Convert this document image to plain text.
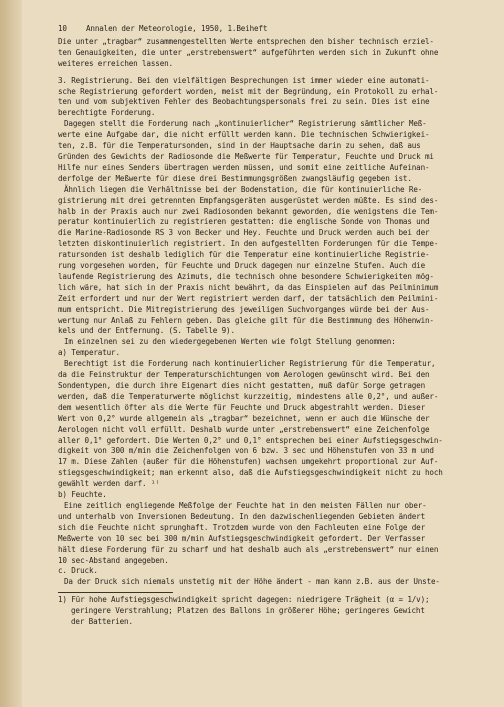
10	Annalen der Meteorologie, 1950, 1.Beiheft
Die unter „tragbar“ zusammengestellten Werte entsprechen den bisher technisch erziel-
ten Genauigkeiten, die unter „erstrebenswert“ aufgeführten werden sich in Zukunft ohne
weiteres erreichen lassen.
3. Registrierung. Bei den vielfältigen Besprechungen ist immer wieder eine automati-
sche Registrierung gefordert worden, meist mit der Begründung, ein Protokoll zu erhal-
ten und vom subjektiven Fehler des Beobachtungspersonals frei zu sein. Dies ist eine
berechtigte Forderung.
Dagegen stellt die Forderung nach „kontinuierlicher“ Registrierung sämtlicher Meß-
werte eine Aufgabe dar, die nicht erfüllt werden kann. Die technischen Schwierigkei-
ten, z.B. für die Temperatursonden, sind in der Hauptsache darin zu sehen, daß aus
Gründen des Gewichts der Radiosonde die Meßwerte für Temperatur, Feuchte und Druck mi
Hilfe nur eines Senders übertragen werden müssen, und somit eine zeitliche Aufeinan-
derfolge der Meßwerte für diese drei Bestimmungsgrößen zwangsläufig gegeben ist.
Ähnlich liegen die Verhältnisse bei der Bodenstation, die für kontinuierliche Re-
gistrierung mit drei getrennten Empfangsgeräten ausgerüstet werden müßte. Es sind des-
halb in der Praxis auch nur zwei Radiosonden bekannt geworden, die wenigstens die Tem-
peratur kontinuierlich zu registrieren gestatten: die englische Sonde von Thomas und
die Marine-Radiosonde RS 3 von Becker und Hey. Feuchte und Druck werden auch bei der
letzten diskontinuierlich registriert. In den aufgestellten Forderungen für die Tempe-
ratursonden ist deshalb lediglich für die Temperatur eine kontinuierliche Registrie-
rung vorgesehen worden, für Feuchte und Druck dagegen nur einzelne Stufen. Auch die
laufende Registrierung des Azimuts, die technisch ohne besondere Schwierigkeiten mög-
lich wäre, hat sich in der Praxis nicht bewährt, da das Einspielen auf das Peilminimum
Zeit erfordert und nur der Wert registriert werden darf, der tatsächlich dem Peilmini-
mum entspricht. Die Mitregistrierung des jeweiligen Suchvorganges würde bei der Aus-
wertung nur Anlaß zu Fehlern geben. Das gleiche gilt für die Bestimmung des Höhenwin-
kels und der Entfernung. (S. Tabelle 9).
Im einzelnen sei zu den wiedergegebenen Werten wie folgt Stellung genommen:
a) Temperatur.
Berechtigt ist die Forderung nach kontinuierlicher Registrierung für die Temperatur,
da die Feinstruktur der Temperaturschichtungen vom Aerologen gewünscht wird. Bei den
Sondentypen, die durch ihre Eigenart dies nicht gestatten, muß dafür Sorge getragen
werden, daß die Temperaturwerte möglichst kurzzeitig, mindestens alle 0,2°, und außer-
dem wesentlich öfter als die Werte für Feuchte und Druck abgestrahlt werden. Dieser
Wert von 0,2° wurde allgemein als „tragbar“ bezeichnet, wenn er auch die Wünsche der
Aerologen nicht voll erfüllt. Deshalb wurde unter „erstrebenswert“ eine Zeichenfolge
aller 0,1° gefordert. Die Werten 0,2° und 0,1° entsprechen bei einer Aufstiegsgeschwin-
digkeit von 300 m/min die Zeichenfolgen von 6 bzw. 3 sec und Höhenstufen von 33 m und
17 m. Diese Zahlen (außer für die Höhenstufen) wachsen umgekehrt proportional zur Auf-
stiegsgeschwindigkeit; man erkennt also, daß die Aufstiegsgeschwindigkeit nicht zu hoch
gewählt werden darf. ¹⁾
b) Feuchte.
Eine zeitlich engliegende Meßfolge der Feuchte hat in den meisten Fällen nur ober-
und unterhalb von Inversionen Bedeutung. In den dazwischenliegenden Gebieten ändert
sich die Feuchte nicht sprunghaft. Trotzdem wurde von den Fachleuten eine Folge der
Meßwerte von 10 sec bei 300 m/min Aufstiegsgeschwindigkeit gefordert. Der Verfasser
hält diese Forderung für zu scharf und hat deshalb auch als „erstrebenswert“ nur einen
10 sec-Abstand angegeben.
c. Druck.
Da der Druck sich niemals unstetig mit der Höhe ändert - man kann z.B. aus der Unste-
1) Für hohe Aufstiegsgeschwindigkeit spricht dagegen: niedrigere Trägheit (α = 1/v);
geringere Verstrahlung; Platzen des Ballons in größerer Höhe; geringeres Gewicht
der Batterien.
